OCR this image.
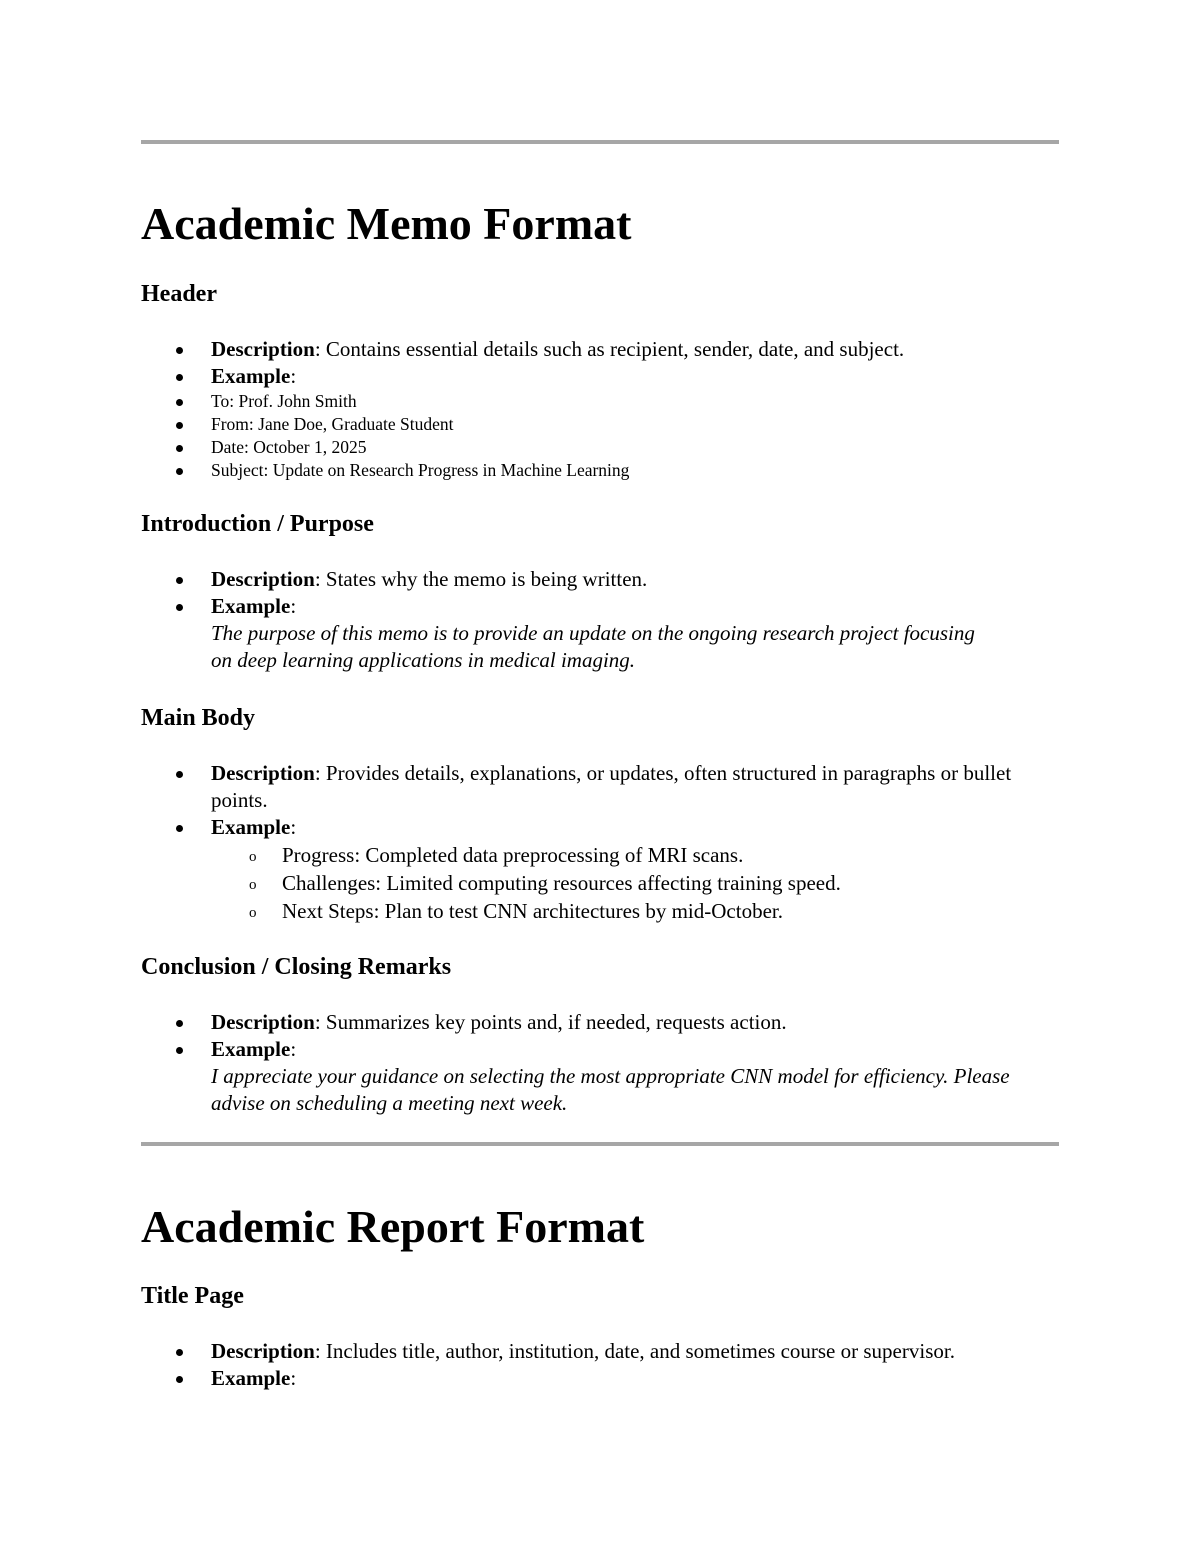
Academic Memo Format
Header
Description: Contains essential details such as recipient, sender, date, and subject.
Example:
To: Prof. John Smith
From: Jane Doe, Graduate Student
Date: October 1, 2025
Subject: Update on Research Progress in Machine Learning
Introduction / Purpose
Description: States why the memo is being written.
Example:
The purpose of this memo is to provide an update on the ongoing research project focusing on deep learning applications in medical imaging.
Main Body
Description: Provides details, explanations, or updates, often structured in paragraphs or bullet points.
Example:
o Progress: Completed data preprocessing of MRI scans.
o Challenges: Limited computing resources affecting training speed.
o Next Steps: Plan to test CNN architectures by mid-October.
Conclusion / Closing Remarks
Description: Summarizes key points and, if needed, requests action.
Example:
I appreciate your guidance on selecting the most appropriate CNN model for efficiency. Please advise on scheduling a meeting next week.
Academic Report Format
Title Page
Description: Includes title, author, institution, date, and sometimes course or supervisor.
Example:
